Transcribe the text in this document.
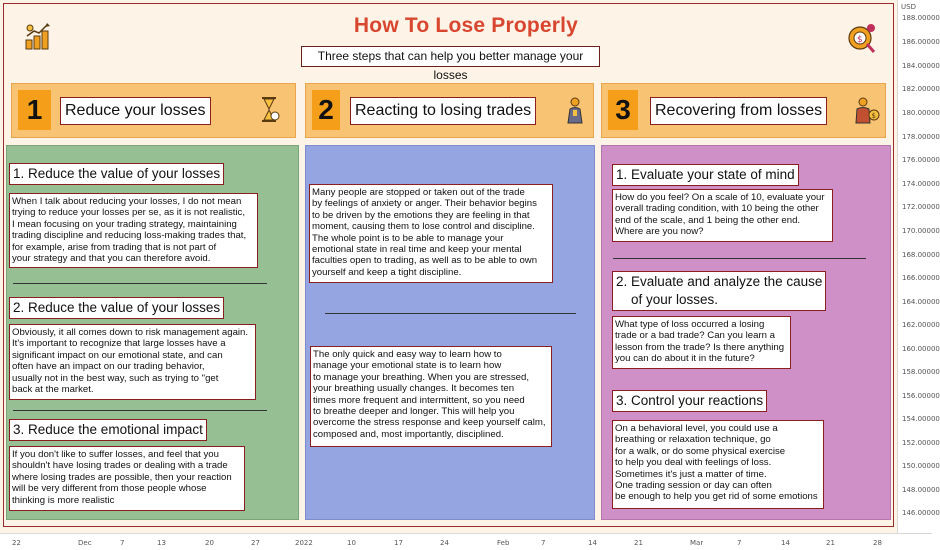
How To Lose Properly
Three steps that can help you better manage your losses
$
1	Reduce your losses	2	Reacting to losing trades	3	Recovering from losses	$
1. Reduce the value of your losses
When I talk about reducing your losses, I do not mean
trying to reduce your losses per se, as it is not realistic,
I mean focusing on your trading strategy, maintaining
trading discipline and reducing loss-making trades that,
for example, arise from trading that is not part of
your strategy and that you can therefore avoid.
2. Reduce the value of your losses
Obviously, it all comes down to risk management again.
It's important to recognize that large losses have a
significant impact on our emotional state, and can
often have an impact on our trading behavior,
usually not in the best way, such as trying to "get
back at the market.
3. Reduce the emotional impact
If you don't like to suffer losses, and feel that you
shouldn't have losing trades or dealing with a trade
where losing trades are possible, then your reaction
will be very different from those people whose
thinking is more realistic
Many people are stopped or taken out of the trade
by feelings of anxiety or anger. Their behavior begins
to be driven by the emotions they are feeling in that
moment, causing them to lose control and discipline.
The whole point is to be able to manage your
emotional state in real time and keep your mental
faculties open to trading, as well as to be able to own
yourself and keep a tight discipline.
The only quick and easy way to learn how to
manage your emotional state is to learn how
to manage your breathing. When you are stressed,
your breathing usually changes. It becomes ten
times more frequent and intermittent, so you need
to breathe deeper and longer. This will help you
overcome the stress response and keep yourself calm,
composed and, most importantly, disciplined.
1. Evaluate your state of mind
How do you feel? On a scale of 10, evaluate your
overall trading condition, with 10 being the other
end of the scale, and 1 being the other end.
Where are you now?
2. Evaluate and analyze the cause
of your losses.
What type of loss occurred a losing
trade or a bad trade? Can you learn a
lesson from the trade? Is there anything
you can do about it in the future?
3. Control your reactions
On a behavioral level, you could use a
breathing or relaxation technique, go
for a walk, or do some physical exercise
to help you deal with feelings of loss.
Sometimes it's just a matter of time.
One trading session or day can often
be enough to help you get rid of some emotions
USD
188.00000
186.00000
184.00000
182.00000
180.00000
178.00000
176.00000
174.00000
172.00000
170.00000
168.00000
166.00000
164.00000
162.00000
160.00000
158.00000
156.00000
154.00000
152.00000
150.00000
148.00000
146.00000
22	Dec	7	13	20	27	2022	10	17	24	Feb	7	14	21	Mar	7	14	21	28
